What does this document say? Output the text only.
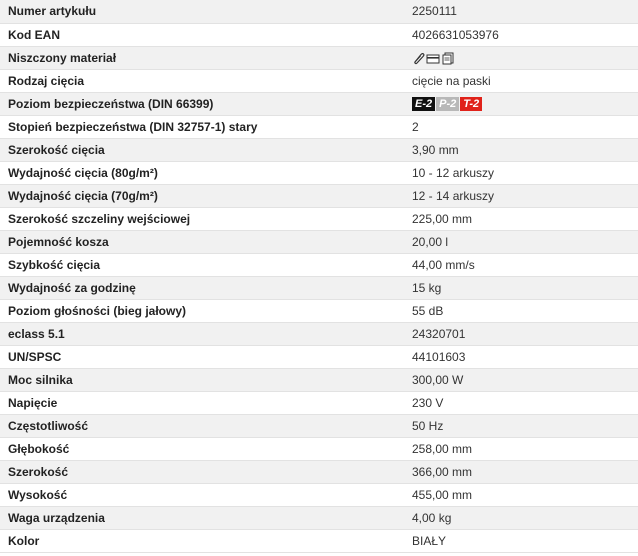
Numer artykułu	2250111
Kod EAN	4026631053976
Niszczony materiał	

Rodzaj cięcia	cięcie na paski
Poziom bezpieczeństwa (DIN 66399)	E-2 P-2 T-2

Stopień bezpieczeństwa (DIN 32757-1) stary	2
Szerokość cięcia	3,90 mm
Wydajność cięcia (80g/m²)	10 - 12 arkuszy
Wydajność cięcia (70g/m²)	12 - 14 arkuszy
Szerokość szczeliny wejściowej	225,00 mm
Pojemność kosza	20,00 l
Szybkość cięcia	44,00 mm/s
Wydajność za godzinę	15 kg
Poziom głośności (bieg jałowy)	55 dB
eclass 5.1	24320701
UN/SPSC	44101603
Moc silnika	300,00 W
Napięcie	230 V
Częstotliwość	50 Hz
Głębokość	258,00 mm
Szerokość	366,00 mm
Wysokość	455,00 mm
Waga urządzenia	4,00 kg
Kolor	BIAŁY
